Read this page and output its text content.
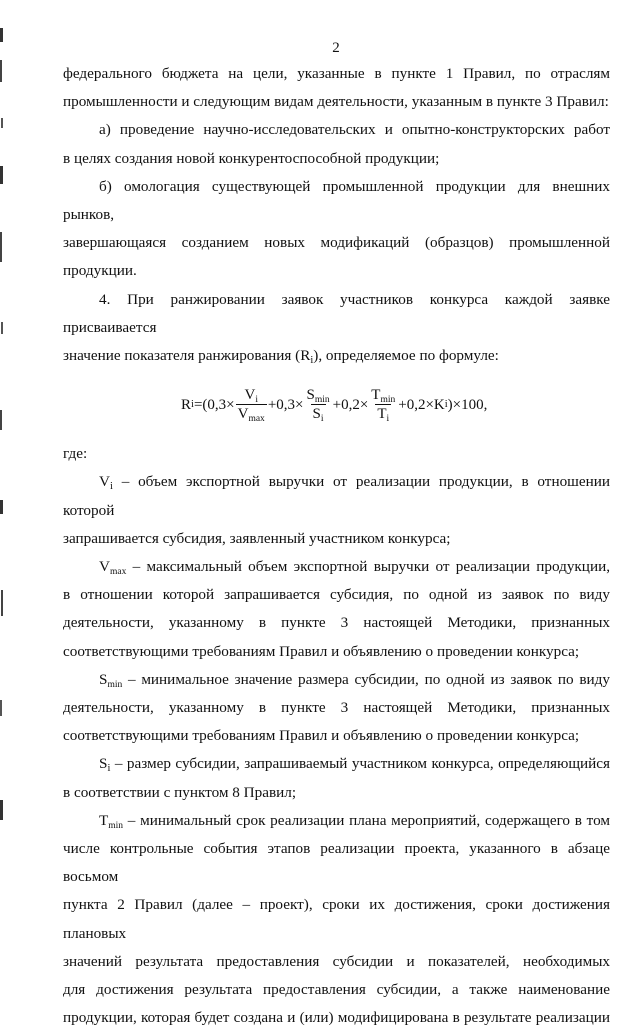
2

федерального бюджета на цели, указанные в пункте 1 Правил, по отраслям

промышленности и следующим видам деятельности, указанным в пункте 3 Правил:

а) проведение научно-исследовательских и опытно-конструкторских работ

в целях создания новой конкурентоспособной продукции;

б) омологация существующей промышленной продукции для внешних рынков,

завершающаяся созданием новых модификаций (образцов) промышленной

продукции.

4. При ранжировании заявок участников конкурса каждой заявке присваивается

значение показателя ранжирования $(R_i)$, определяемое по формуле:

R $i =(0,3\times \frac{V_i}{V_{max}} +0,3\times \frac{S_{min}}{S_i} +0,2\times \frac{T_{min}}{T_i} +0,2\times K$ i )×100,

где:

$V_i$ – объем экспортной выручки от реализации продукции, в отношении которой

запрашивается субсидия, заявленный участником конкурса;

$V_{max}$ – максимальный объем экспортной выручки от реализации продукции,

в отношении которой запрашивается субсидия, по одной из заявок по виду

деятельности, указанному в пункте 3 настоящей Методики, признанных

соответствующими требованиям Правил и объявлению о проведении конкурса;

$S_{min}$ – минимальное значение размера субсидии, по одной из заявок по виду

деятельности, указанному в пункте 3 настоящей Методики, признанных

соответствующими требованиям Правил и объявлению о проведении конкурса;

$S_i$ – размер субсидии, запрашиваемый участником конкурса, определяющийся

в соответствии с пунктом 8 Правил;

$T_{min}$ – минимальный срок реализации плана мероприятий, содержащего в том

числе контрольные события этапов реализации проекта, указанного в абзаце восьмом

пункта 2 Правил (далее – проект), сроки их достижения, сроки достижения плановых

значений результата предоставления субсидии и показателей, необходимых

для достижения результата предоставления субсидии, а также наименование

продукции, которая будет создана и (или) модифицирована в результате реализации
